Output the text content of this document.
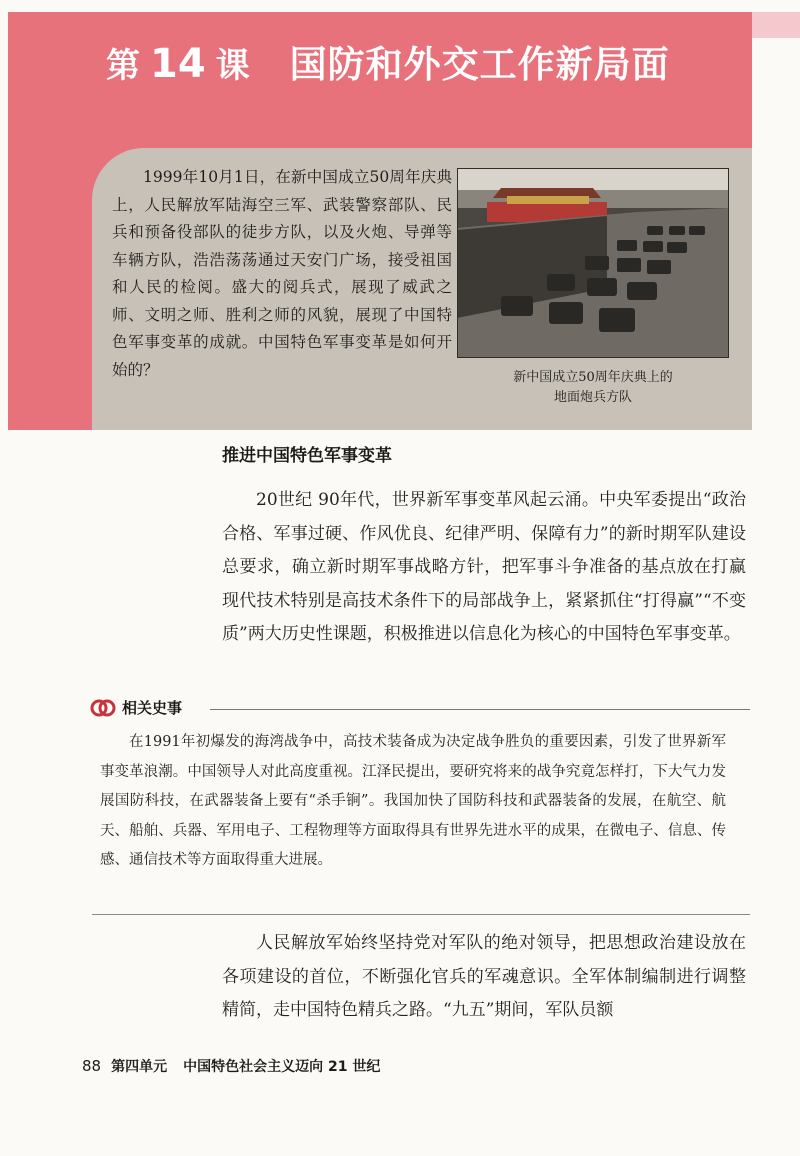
第 14 课 国防和外交工作新局面

1999年10月1日，在新中国成立50周年庆典上，人民解放军陆海空三军、武装警察部队、民兵和预备役部队的徒步方队，以及火炮、导弹等车辆方队，浩浩荡荡通过天安门广场，接受祖国和人民的检阅。盛大的阅兵式，展现了威武之师、文明之师、胜利之师的风貌，展现了中国特色军事变革的成就。中国特色军事变革是如何开始的？	新中国成立50周年庆典上的
地面炮兵方队
推进中国特色军事变革

20世纪 90年代，世界新军事变革风起云涌。中央军委提出“政治合格、军事过硬、作风优良、纪律严明、保障有力”的新时期军队建设总要求，确立新时期军事战略方针，把军事斗争准备的基点放在打赢现代技术特别是高技术条件下的局部战争上，紧紧抓住“打得赢”“不变质”两大历史性课题，积极推进以信息化为核心的中国特色军事变革。

相关史事

在1991年初爆发的海湾战争中，高技术装备成为决定战争胜负的重要因素，引发了世界新军事变革浪潮。中国领导人对此高度重视。江泽民提出，要研究将来的战争究竟怎样打，下大气力发展国防科技，在武器装备上要有“杀手锏”。我国加快了国防科技和武器装备的发展，在航空、航天、船舶、兵器、军用电子、工程物理等方面取得具有世界先进水平的成果，在微电子、信息、传感、通信技术等方面取得重大进展。

人民解放军始终坚持党对军队的绝对领导，把思想政治建设放在各项建设的首位，不断强化官兵的军魂意识。全军体制编制进行调整精简，走中国特色精兵之路。“九五”期间，军队员额

88 第四单元 中国特色社会主义迈向 21 世纪
